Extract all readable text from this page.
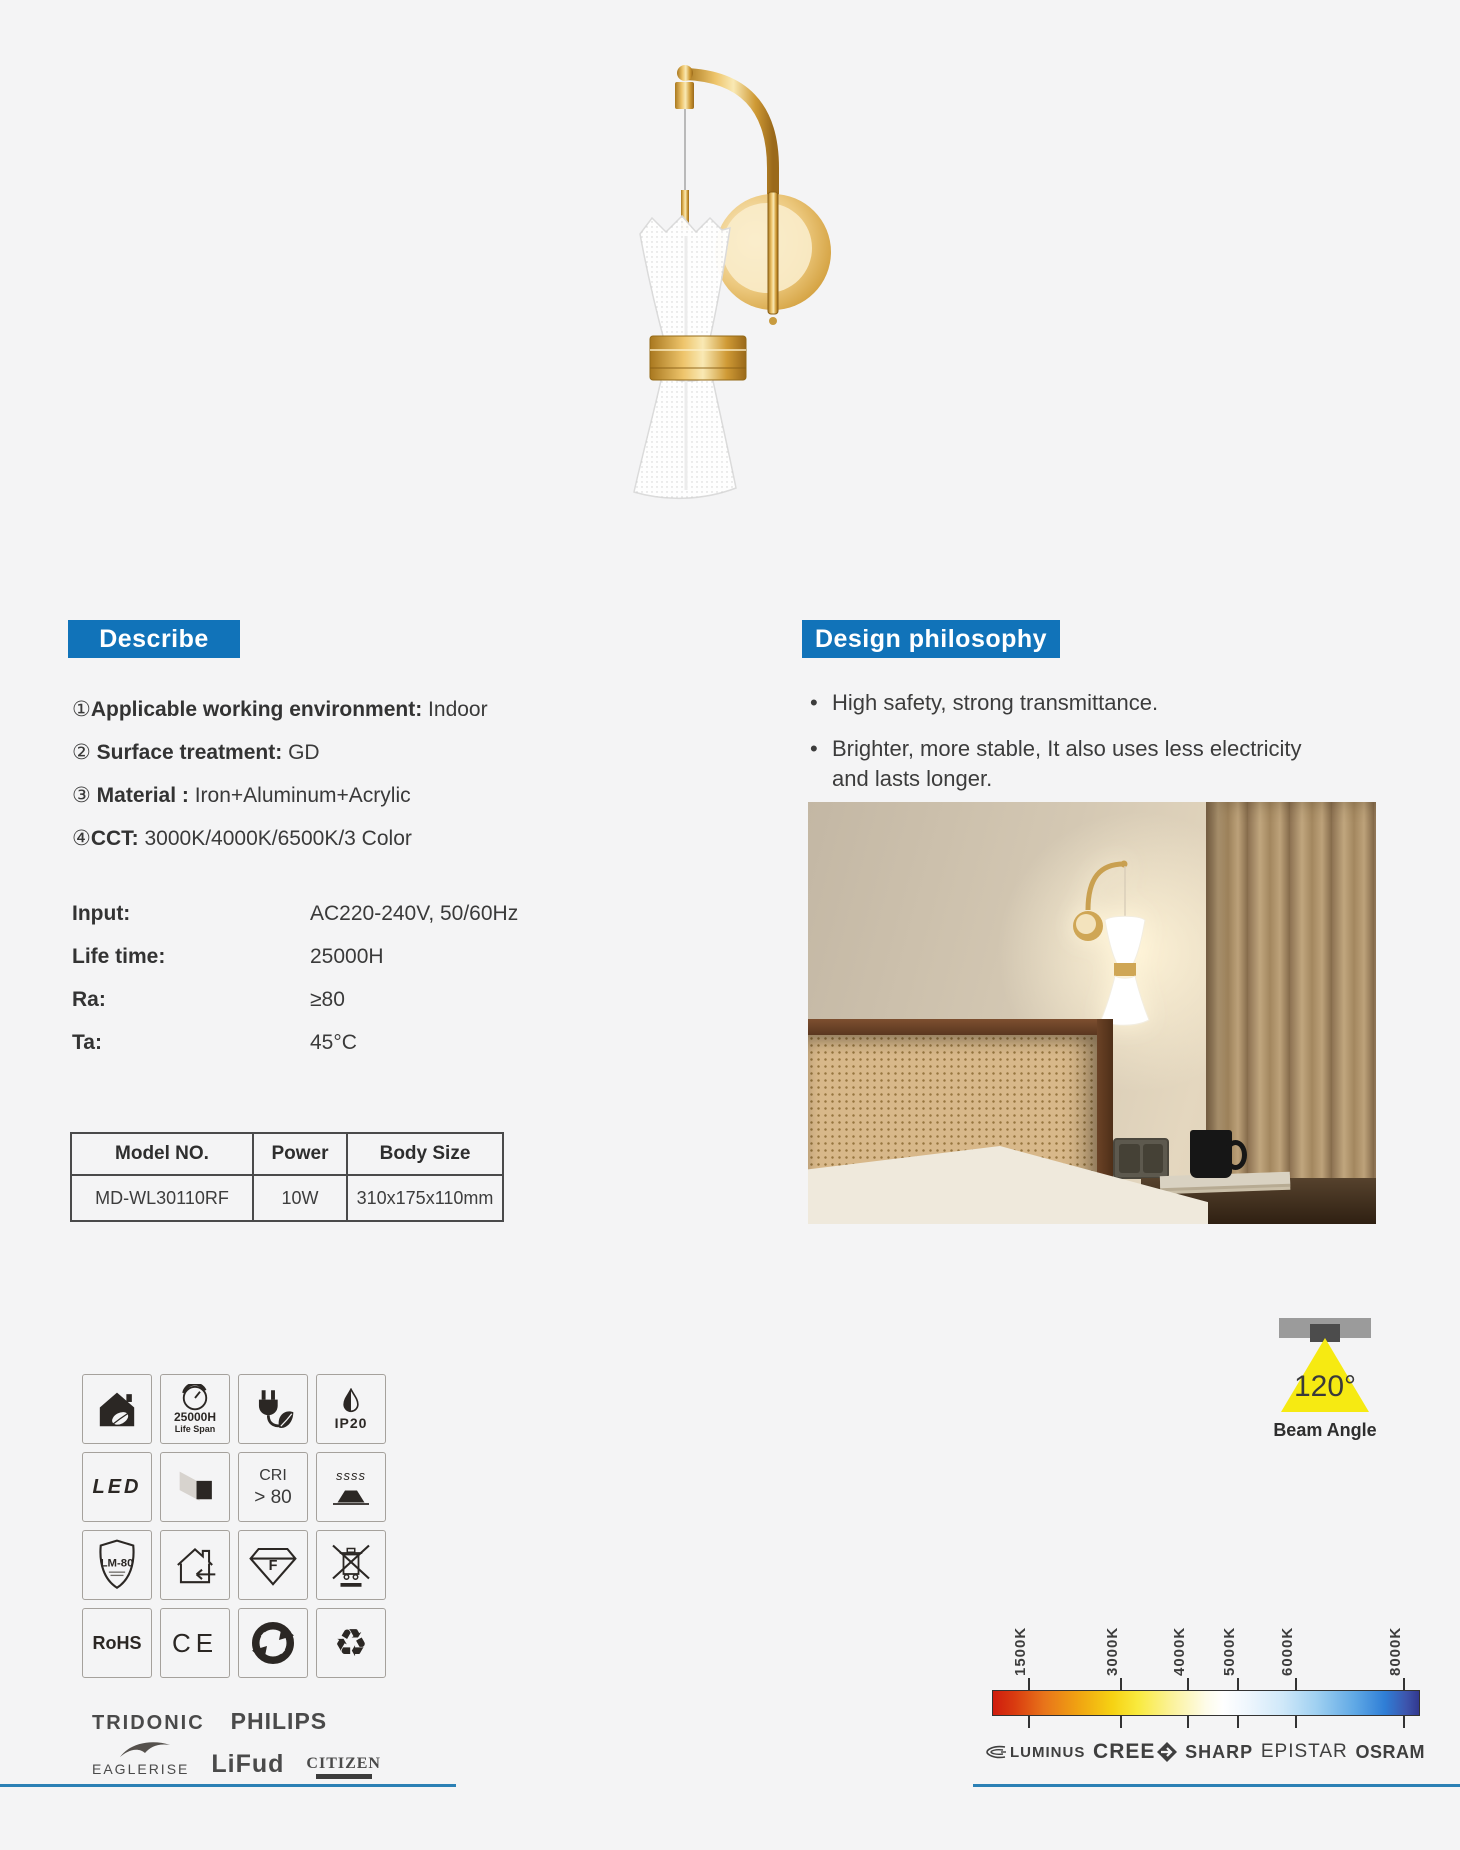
Describe
①Applicable working environment: Indoor
② Surface treatment: GD
③ Material : Iron+Aluminum+Acrylic
④CCT: 3000K/4000K/6500K/3 Color
Input:	AC220-240V, 50/60Hz
Life time:	25000H
Ra:	≥80
Ta:	45°C
Model NO.	Power	Body Size
MD-WL30110RF	10W	310x175x110mm
Design philosophy
• High safety, strong transmittance.
• Brighter, more stable, It also uses less electricity and lasts longer.
25000H
Life Span	IP20
LED	CRI
> 80
ssss
LM-80	F
RoHS CE	♻
TRIDONIC PHILIPS
EAGLERISE LiFud CITIZEN
120°
Beam Angle
1500K	3000K	4000K 5000K	6000K	8000K
LUMINUS CREE SHARP EPISTAR OSRAM
